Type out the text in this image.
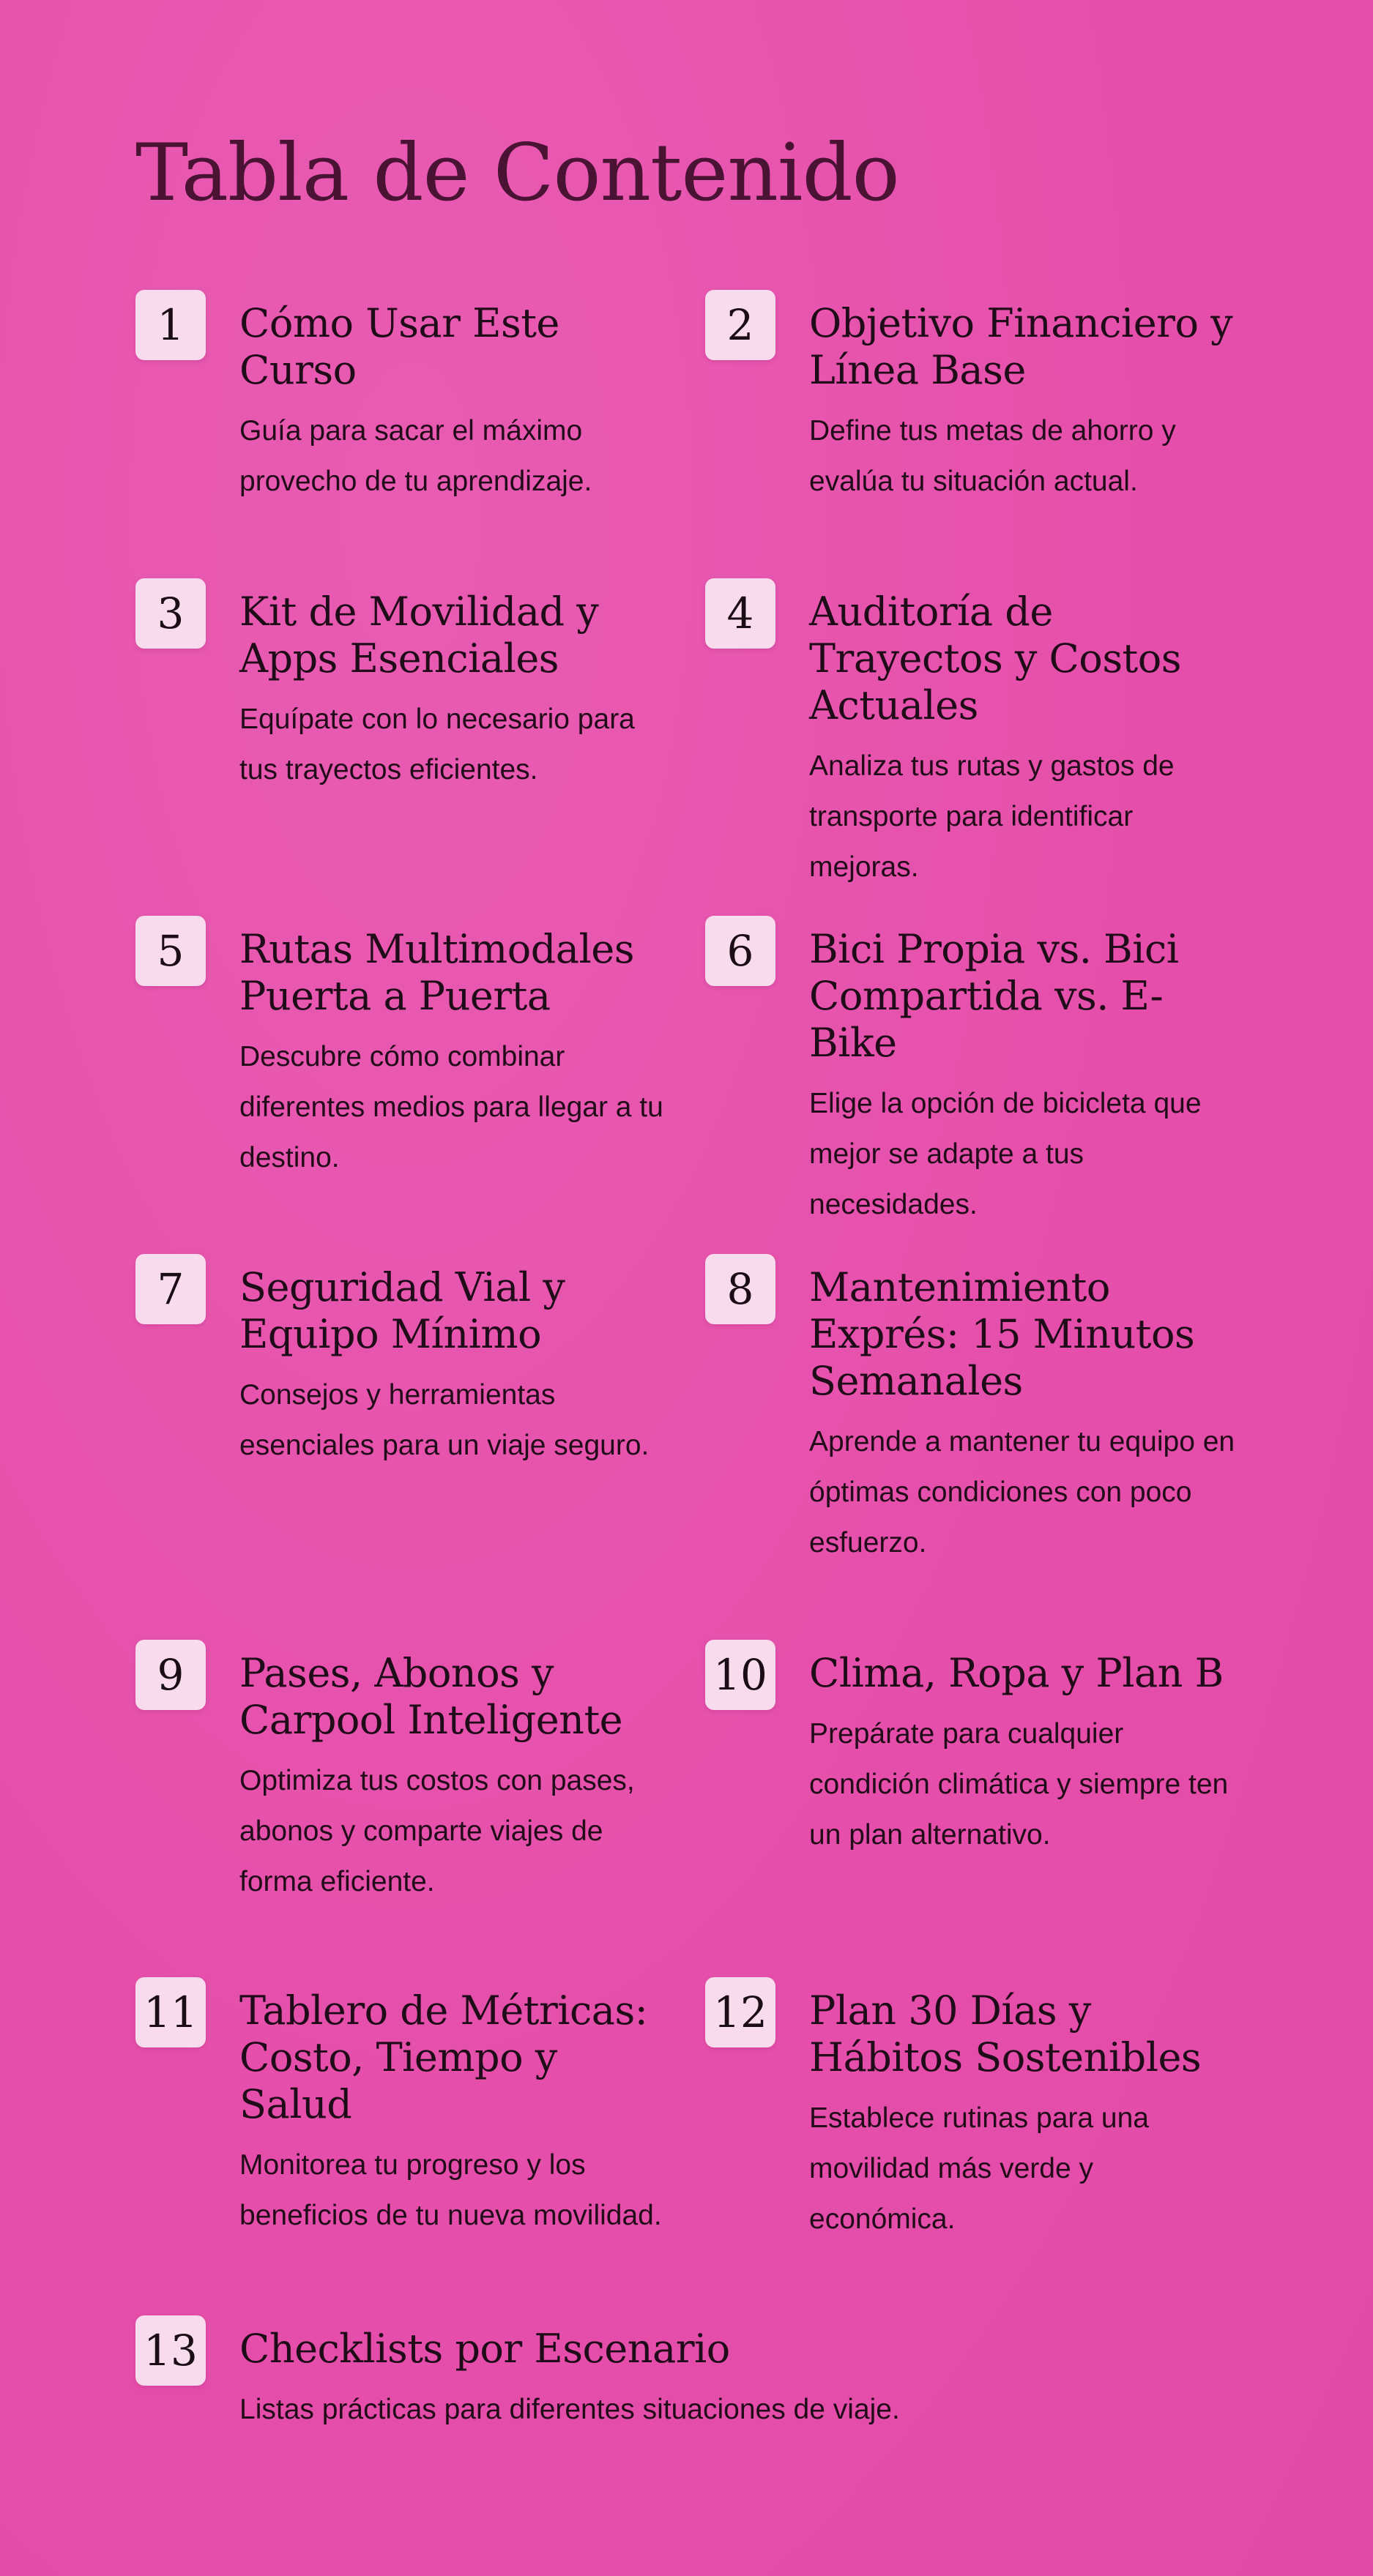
Tabla de Contenido
1	Cómo Usar Este Curso

Guía para sacar el máximo provecho de tu aprendizaje.

2	Objetivo Financiero y Línea Base

Define tus metas de ahorro y evalúa tu situación actual.

3	Kit de Movilidad y Apps Esenciales

Equípate con lo necesario para tus trayectos eficientes.

4	Auditoría de Trayectos y Costos Actuales

Analiza tus rutas y gastos de transporte para identificar mejoras.

5	Rutas Multimodales Puerta a Puerta

Descubre cómo combinar diferentes medios para llegar a tu destino.

6	Bici Propia vs. Bici Compartida vs. E-Bike

Elige la opción de bicicleta que mejor se adapte a tus necesidades.

7	Seguridad Vial y Equipo Mínimo

Consejos y herramientas esenciales para un viaje seguro.

8	Mantenimiento Exprés: 15 Minutos Semanales

Aprende a mantener tu equipo en óptimas condiciones con poco esfuerzo.

9	Pases, Abonos y Carpool Inteligente

Optimiza tus costos con pases, abonos y comparte viajes de forma eficiente.

10 Clima, Ropa y Plan B

Prepárate para cualquier condición climática y siempre ten un plan alternativo.

11 Tablero de Métricas: Costo, Tiempo y Salud

Monitorea tu progreso y los beneficios de tu nueva movilidad.

12 Plan 30 Días y Hábitos Sostenibles

Establece rutinas para una movilidad más verde y económica.

13 Checklists por Escenario

Listas prácticas para diferentes situaciones de viaje.
